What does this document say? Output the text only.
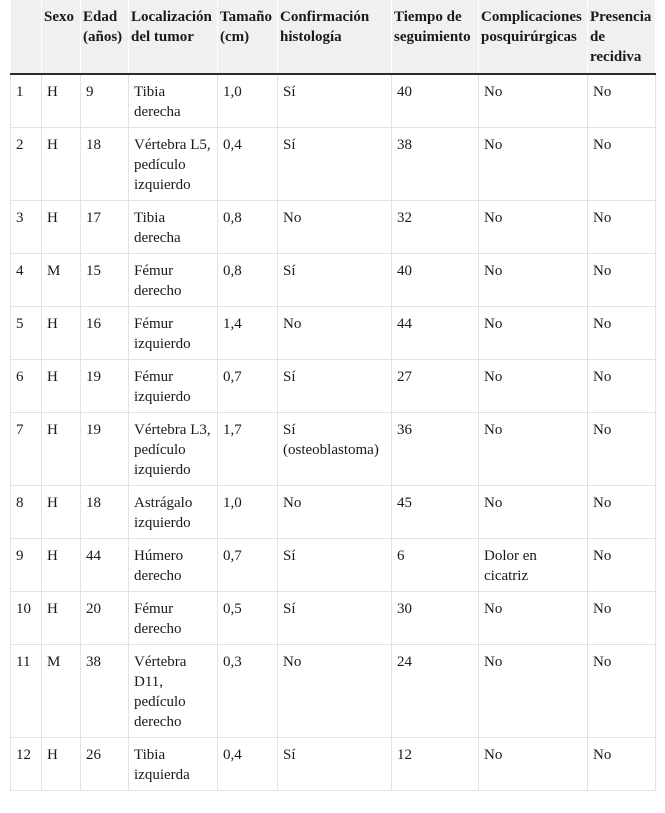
	Sexo	Edad (años)	Localización del tumor	Tamaño (cm)	Confirmación histología	Tiempo de seguimiento	Complicaciones posquirúrgicas	Presencia de recidiva
1	H	9	Tibia derecha	1,0	Sí	40	No	No
2	H	18	Vértebra L5, pedículo izquierdo	0,4	Sí	38	No	No
3	H	17	Tibia derecha	0,8	No	32	No	No
4	M	15	Fémur derecho	0,8	Sí	40	No	No
5	H	16	Fémur izquierdo	1,4	No	44	No	No
6	H	19	Fémur izquierdo	0,7	Sí	27	No	No
7	H	19	Vértebra L3, pedículo izquierdo	1,7	Sí (osteoblastoma)	36	No	No
8	H	18	Astrágalo izquierdo	1,0	No	45	No	No
9	H	44	Húmero derecho	0,7	Sí	6	Dolor en cicatriz	No
10	H	20	Fémur derecho	0,5	Sí	30	No	No
11	M	38	Vértebra D11, pedículo derecho	0,3	No	24	No	No
12	H	26	Tibia izquierda	0,4	Sí	12	No	No
